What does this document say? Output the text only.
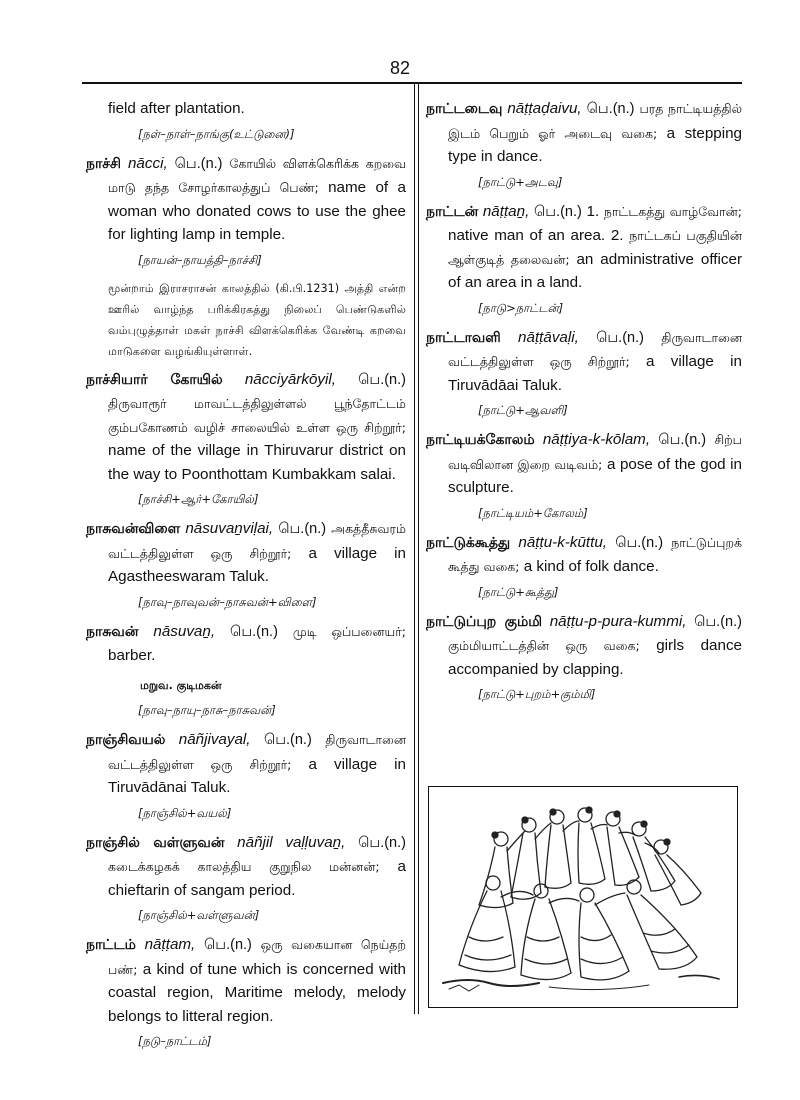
82
field after plantation.
[நள்–நாள்–நாங்கு(உட்டுனை)]
நாச்சி nācci, பெ.(n.) கோயில் விளக்கெரிக்க கறவை மாடு தந்த சோழர்காலத்துப் பெண்; name of a woman who donated cows to use the ghee for lighting lamp in temple.
[நாயன்–நாயத்தி–நாச்சி]
மூன்றாம் இராசராசன் காலத்தில் (கி.பி.1231) அத்தி என்ற ஊரில் வாழ்ந்த பரிக்கிரகத்து நிலைப் பெண்டுகளில் வம்புழுத்தாள் மகள் நாச்சி விளக்கெரிக்க வேண்டி கறவை மாடுகளை வழங்கியுள்ளாள்.
நாச்சியார் கோயில் nācciyārkōyil, பெ.(n.) திருவாரூர் மாவட்டத்திலுள்ளல் பூந்தோட்டம் கும்பகோணம் வழிச் சாலையில் உள்ள ஒரு சிற்றூர்; name of the village in Thiruvarur district on the way to Poonthottam Kumbakkam salai.
[நாச்சி+ஆர்+கோயில்]
நாசுவன்விளை nāsuvaṉviḷai, பெ.(n.) அகத்தீசுவரம் வட்டத்திலுள்ள ஒரு சிற்றூர்; a village in Agastheeswaram Taluk.
[நாவு–நாவுவன்–நாசுவன்+விளை]
நாசுவன் nāsuvaṉ, பெ.(n.) முடி ஒப்பனையர்; barber.
மறுவ. குடிமகன்
[நாவு–நாயு–நாசு–நாசுவன்]
நாஞ்சிவயல் nāñjivayal, பெ.(n.) திருவாடானை வட்டத்திலுள்ள ஒரு சிற்றூர்; a village in Tiruvādānai Taluk.
[நாஞ்சில்+வயல்]
நாஞ்சில் வள்ளுவன் nāñjil vaḷḷuvaṉ, பெ.(n.) கடைக்கழகக் காலத்திய குறுநில மன்னன்; a chieftarin of sangam period.
[நாஞ்சில்+வள்ளுவன்]
நாட்டம் nāṭṭam, பெ.(n.) ஒரு வகையான நெய்தற் பண்; a kind of tune which is concerned with coastal region, Maritime melody, melody belongs to litteral region.
[நடு–நாட்டம்]
நாட்டடைவு nāṭṭaḍaivu, பெ.(n.) பரத நாட்டியத்தில் இடம் பெறும் ஓர் அடைவு வகை; a stepping type in dance.
[நாட்டு+அடவு]
நாட்டன் nāṭṭaṉ, பெ.(n.) 1. நாட்டகத்து வாழ்வோன்; native man of an area. 2. நாட்டகப் பகுதியின் ஆள்குடித் தலைவன்; an administrative officer of an area in a land.
[நாடு>நாட்டன்]
நாட்டாவளி nāṭṭāvaḷi, பெ.(n.) திருவாடானை வட்டத்திலுள்ள ஒரு சிற்றூர்; a village in Tiruvādāai Taluk.
[நாட்டு+ஆவளி]
நாட்டியக்கோலம் nāṭṭiya-k-kōlam, பெ.(n.) சிற்ப வடிவிலான இறை வடிவம்; a pose of the god in sculpture.
[நாட்டியம்+கோலம்]
நாட்டுக்கூத்து nāṭṭu-k-kūttu, பெ.(n.) நாட்டுப்புறக் கூத்து வகை; a kind of folk dance.
[நாட்டு+கூத்து]
நாட்டுப்புற கும்மி nāṭṭu-p-pura-kummi, பெ.(n.) கும்மியாட்டத்தின் ஒரு வகை; girls dance accompanied by clapping.
[நாட்டு+புறம்+கும்மி]
